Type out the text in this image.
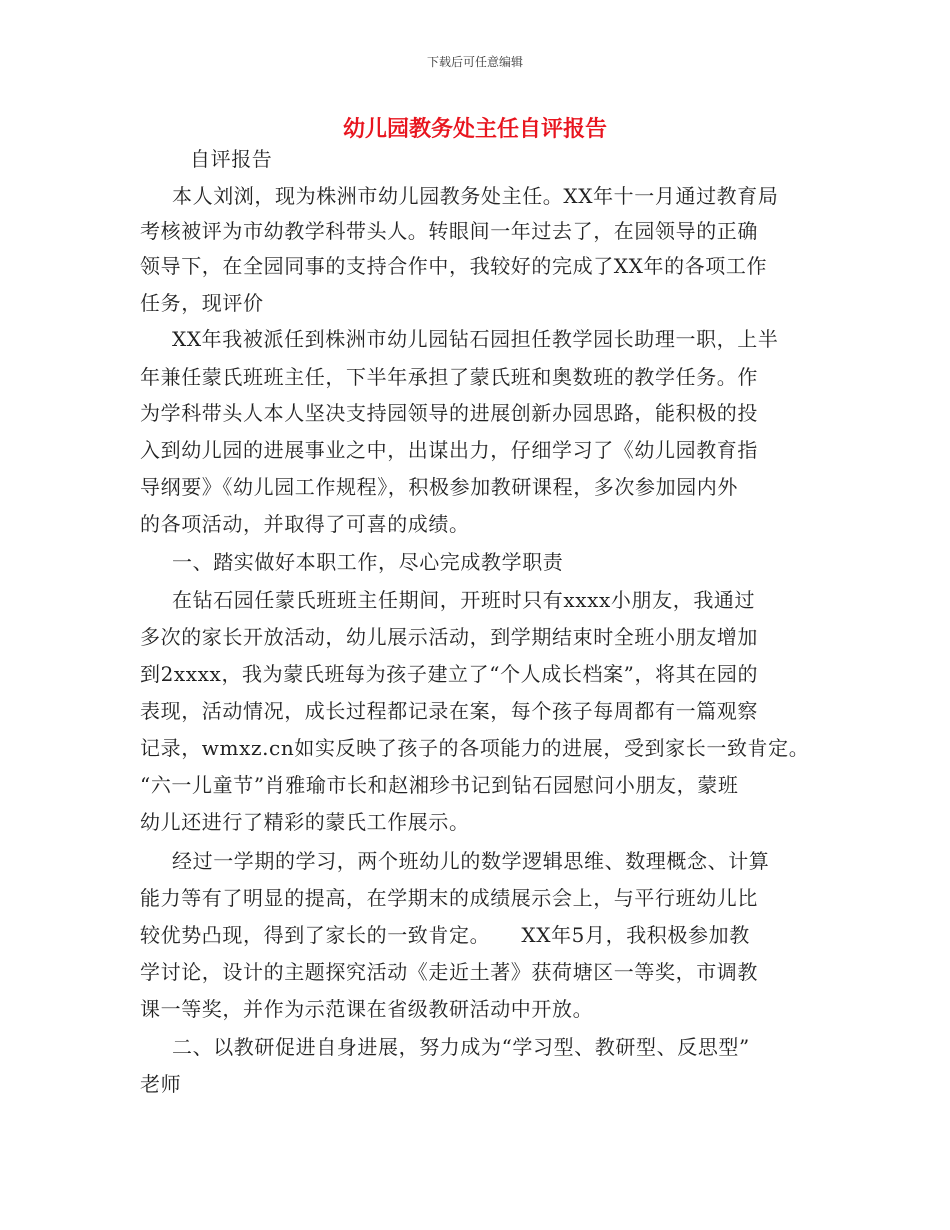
下载后可任意编辑
幼儿园教务处主任自评报告
自评报告
本人刘浏，现为株洲市幼儿园教务处主任。XX年十一月通过教育局
考核被评为市幼教学科带头人。转眼间一年过去了，在园领导的正确
领导下，在全园同事的支持合作中，我较好的完成了XX年的各项工作
任务，现评价
XX年我被派任到株洲市幼儿园钻石园担任教学园长助理一职，上半
年兼任蒙氏班班主任，下半年承担了蒙氏班和奥数班的教学任务。作
为学科带头人本人坚决支持园领导的进展创新办园思路，能积极的投
入到幼儿园的进展事业之中，出谋出力，仔细学习了《幼儿园教育指
导纲要》《幼儿园工作规程》，积极参加教研课程，多次参加园内外
的各项活动，并取得了可喜的成绩。
一、踏实做好本职工作，尽心完成教学职责
在钻石园任蒙氏班班主任期间，开班时只有xxxx小朋友，我通过
多次的家长开放活动，幼儿展示活动，到学期结束时全班小朋友增加
到2xxxx，我为蒙氏班每为孩子建立了“个人成长档案”，将其在园的
表现，活动情况，成长过程都记录在案，每个孩子每周都有一篇观察
记录，wmxz.cn如实反映了孩子的各项能力的进展，受到家长一致肯定。
“六一儿童节”肖雅瑜市长和赵湘珍书记到钻石园慰问小朋友，蒙班
幼儿还进行了精彩的蒙氏工作展示。
经过一学期的学习，两个班幼儿的数学逻辑思维、数理概念、计算
能力等有了明显的提高，在学期末的成绩展示会上，与平行班幼儿比
较优势凸现，得到了家长的一致肯定。　　XX年5月，我积极参加教
学讨论，设计的主题探究活动《走近土著》获荷塘区一等奖，市调教
课一等奖，并作为示范课在省级教研活动中开放。
二、以教研促进自身进展，努力成为“学习型、教研型、反思型”
老师
